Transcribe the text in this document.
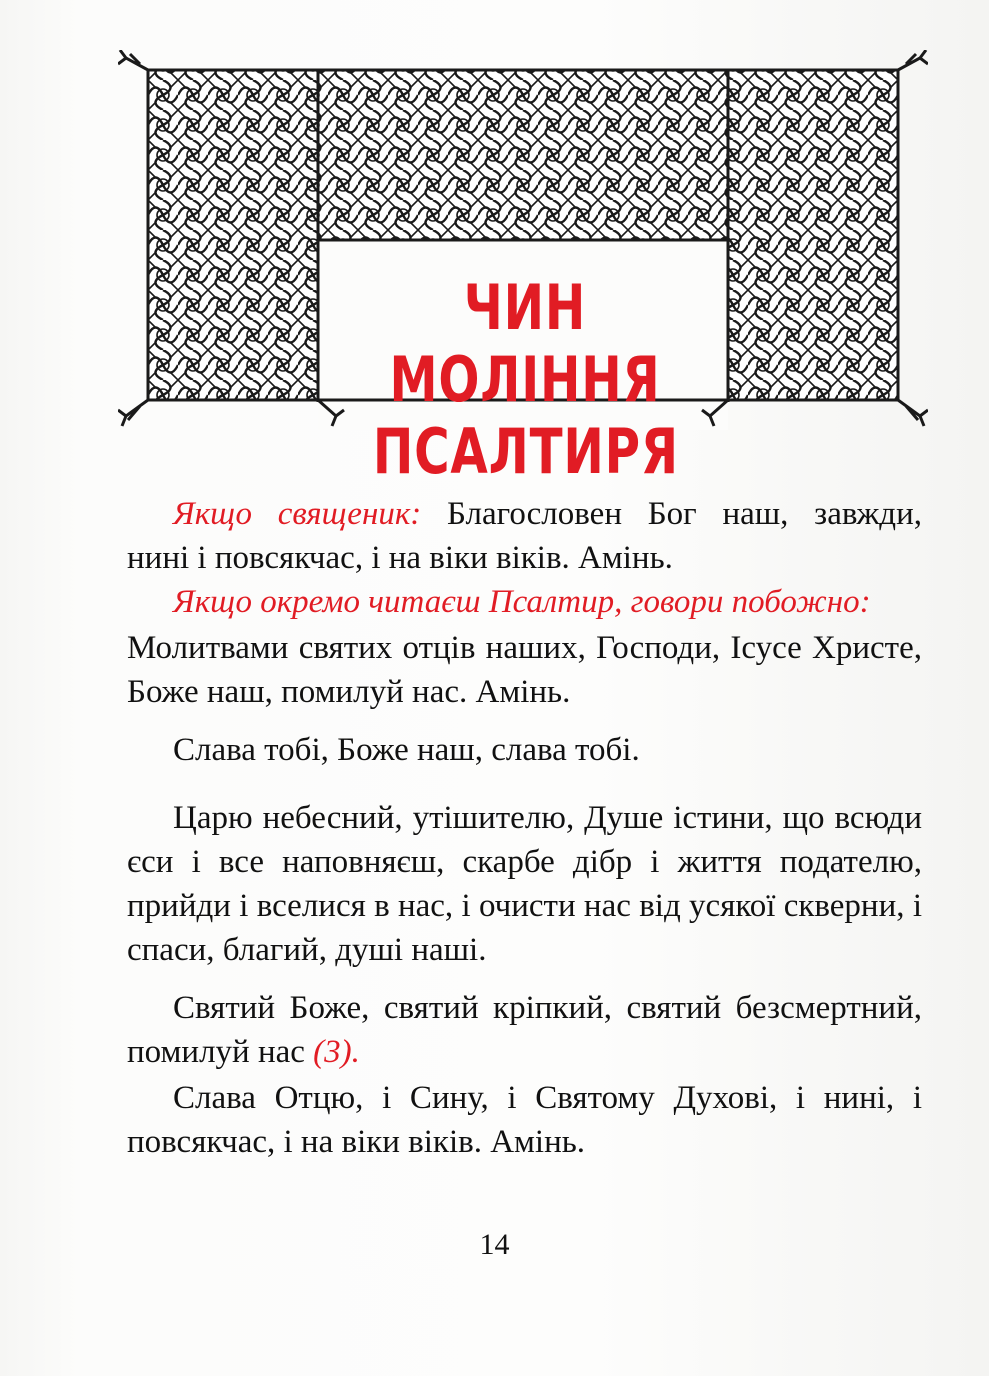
ЧИН МОЛІННЯ
ПСАЛТИРЯ
Якщо священик: Благословен Бог наш, завжди,
нині і повсякчас, і на віки віків. Амінь.
Якщо окремо читаєш Псалтир, говори побожно:

Молитвами святих отців наших, Господи, Ісусе Христе, Боже наш, помилуй нас. Амінь.

Слава тобі, Боже наш, слава тобі.

Царю небесний, утішителю, Душе істини, що всюди єси і все наповняєш, скарбе дібр і життя подателю, прийди і вселися в нас, і очисти нас від усякої скверни, і спаси, благий, душі наші.

Святий Боже, святий кріпкий, святий безсмертний, помилуй нас (3).

Слава Отцю, і Сину, і Святому Духові, і нині, і повсякчас, і на віки віків. Амінь.

14
